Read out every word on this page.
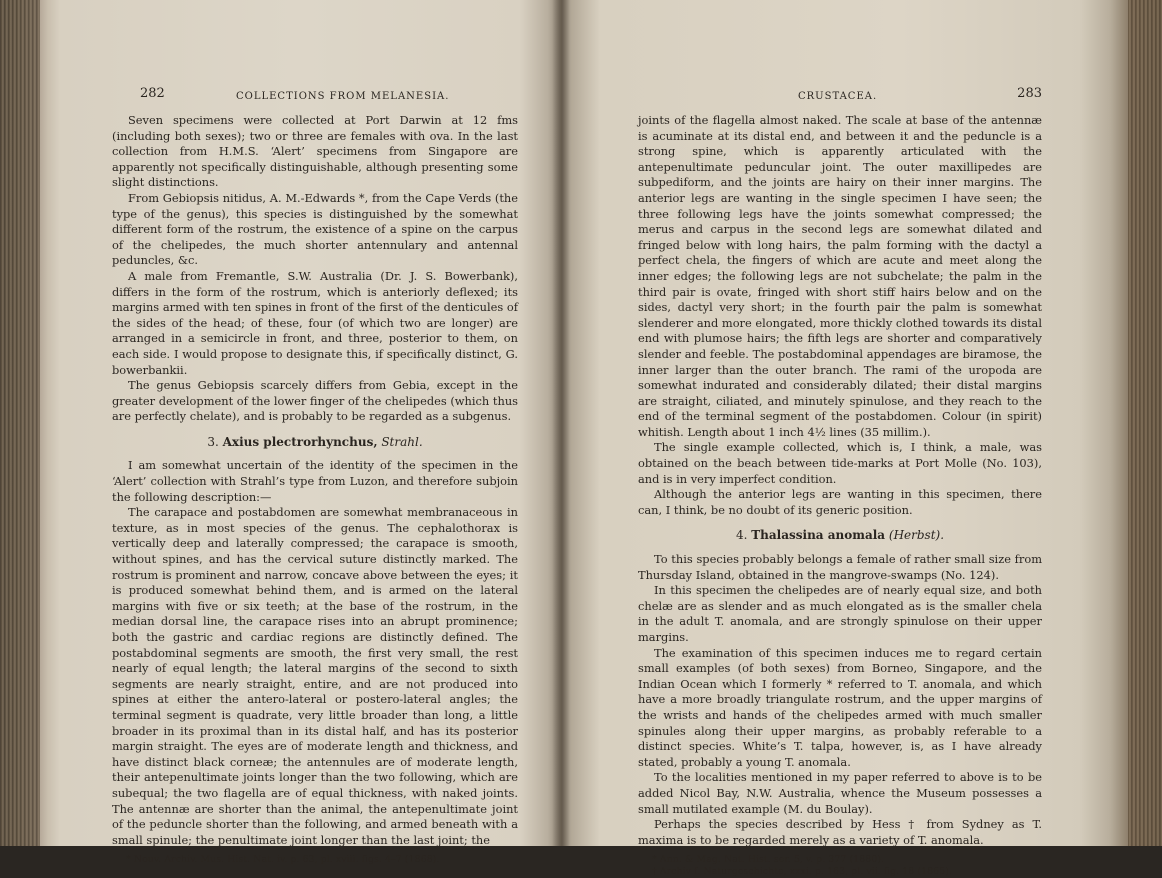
282	COLLECTIONS FROM MELANESIA.

Seven specimens were collected at Port Darwin at 12 fms (including both sexes); two or three are females with ova. In the last collection from H.M.S. ‘Alert’ specimens from Singapore are apparently not specifically distinguishable, although presenting some slight distinctions.

From Gebiopsis nitidus, A. M.-Edwards *, from the Cape Verds (the type of the genus), this species is distinguished by the somewhat different form of the rostrum, the existence of a spine on the carpus of the chelipedes, the much shorter antennulary and antennal peduncles, &c.

A male from Fremantle, S.W. Australia (Dr. J. S. Bowerbank), differs in the form of the rostrum, which is anteriorly deflexed; its margins armed with ten spines in front of the first of the denticules of the sides of the head; of these, four (of which two are longer) are arranged in a semicircle in front, and three, posterior to them, on each side. I would propose to designate this, if specifically distinct, G. bowerbankii.

The genus Gebiopsis scarcely differs from Gebia, except in the greater development of the lower finger of the chelipedes (which thus are perfectly chelate), and is probably to be regarded as a subgenus.

3. Axius plectrorhynchus, Strahl.

I am somewhat uncertain of the identity of the specimen in the ‘Alert’ collection with Strahl’s type from Luzon, and therefore subjoin the following description:—

The carapace and postabdomen are somewhat membranaceous in texture, as in most species of the genus. The cephalothorax is vertically deep and laterally compressed; the carapace is smooth, without spines, and has the cervical suture distinctly marked. The rostrum is prominent and narrow, concave above between the eyes; it is produced somewhat behind them, and is armed on the lateral margins with five or six teeth; at the base of the rostrum, in the median dorsal line, the carapace rises into an abrupt prominence; both the gastric and cardiac regions are distinctly defined. The postabdominal segments are smooth, the first very small, the rest nearly of equal length; the lateral margins of the second to sixth segments are nearly straight, entire, and are not produced into spines at either the antero-lateral or postero-lateral angles; the terminal segment is quadrate, very little broader than long, a little broader in its proximal than in its distal half, and has its posterior margin straight. The eyes are of moderate length and thickness, and have distinct black corneæ; the antennules are of moderate length, their antepenultimate joints longer than the two following, which are subequal; the two flagella are of equal thickness, with naked joints. The antennæ are shorter than the animal, the antepenultimate joint of the peduncle shorter than the following, and armed beneath with a small spinule; the penultimate joint longer than the last joint; the

* Nouv. Archiv. Mus. Hist. Nat. iv. p. 63, pl. xviii. figs. 4–7 (1868).

CRUSTACEA.	283

joints of the flagella almost naked. The scale at base of the antennæ is acuminate at its distal end, and between it and the peduncle is a strong spine, which is apparently articulated with the antepenultimate peduncular joint. The outer maxillipedes are subpediform, and the joints are hairy on their inner margins. The anterior legs are wanting in the single specimen I have seen; the three following legs have the joints somewhat compressed; the merus and carpus in the second legs are somewhat dilated and fringed below with long hairs, the palm forming with the dactyl a perfect chela, the fingers of which are acute and meet along the inner edges; the following legs are not subchelate; the palm in the third pair is ovate, fringed with short stiff hairs below and on the sides, dactyl very short; in the fourth pair the palm is somewhat slenderer and more elongated, more thickly clothed towards its distal end with plumose hairs; the fifth legs are shorter and comparatively slender and feeble. The postabdominal appendages are biramose, the inner larger than the outer branch. The rami of the uropoda are somewhat indurated and considerably dilated; their distal margins are straight, ciliated, and minutely spinulose, and they reach to the end of the terminal segment of the postabdomen. Colour (in spirit) whitish. Length about 1 inch 4½ lines (35 millim.).

The single example collected, which is, I think, a male, was obtained on the beach between tide-marks at Port Molle (No. 103), and is in very imperfect condition.

Although the anterior legs are wanting in this specimen, there can, I think, be no doubt of its generic position.

4. Thalassina anomala (Herbst).

To this species probably belongs a female of rather small size from Thursday Island, obtained in the mangrove-swamps (No. 124).

In this specimen the chelipedes are of nearly equal size, and both chelæ are as slender and as much elongated as is the smaller chela in the adult T. anomala, and are strongly spinulose on their upper margins.

The examination of this specimen induces me to regard certain small examples (of both sexes) from Borneo, Singapore, and the Indian Ocean which I formerly * referred to T. anomala, and which have a more broadly triangulate rostrum, and the upper margins of the wrists and hands of the chelipedes armed with much smaller spinules along their upper margins, as probably referable to a distinct species. White’s T. talpa, however, is, as I have already stated, probably a young T. anomala.

To the localities mentioned in my paper referred to above is to be added Nicol Bay, N.W. Australia, whence the Museum possesses a small mutilated example (M. du Boulay).

Perhaps the species described by Hess † from Sydney as T. maxima is to be regarded merely as a variety of T. anomala.

* Ann. & Mag. Nat. Hist. ser. 5, v. p. 377 (1880).

† Archiv f. Naturgeschichte, xxxi. p. 163, pl. vii. fig. 18 (1865).
